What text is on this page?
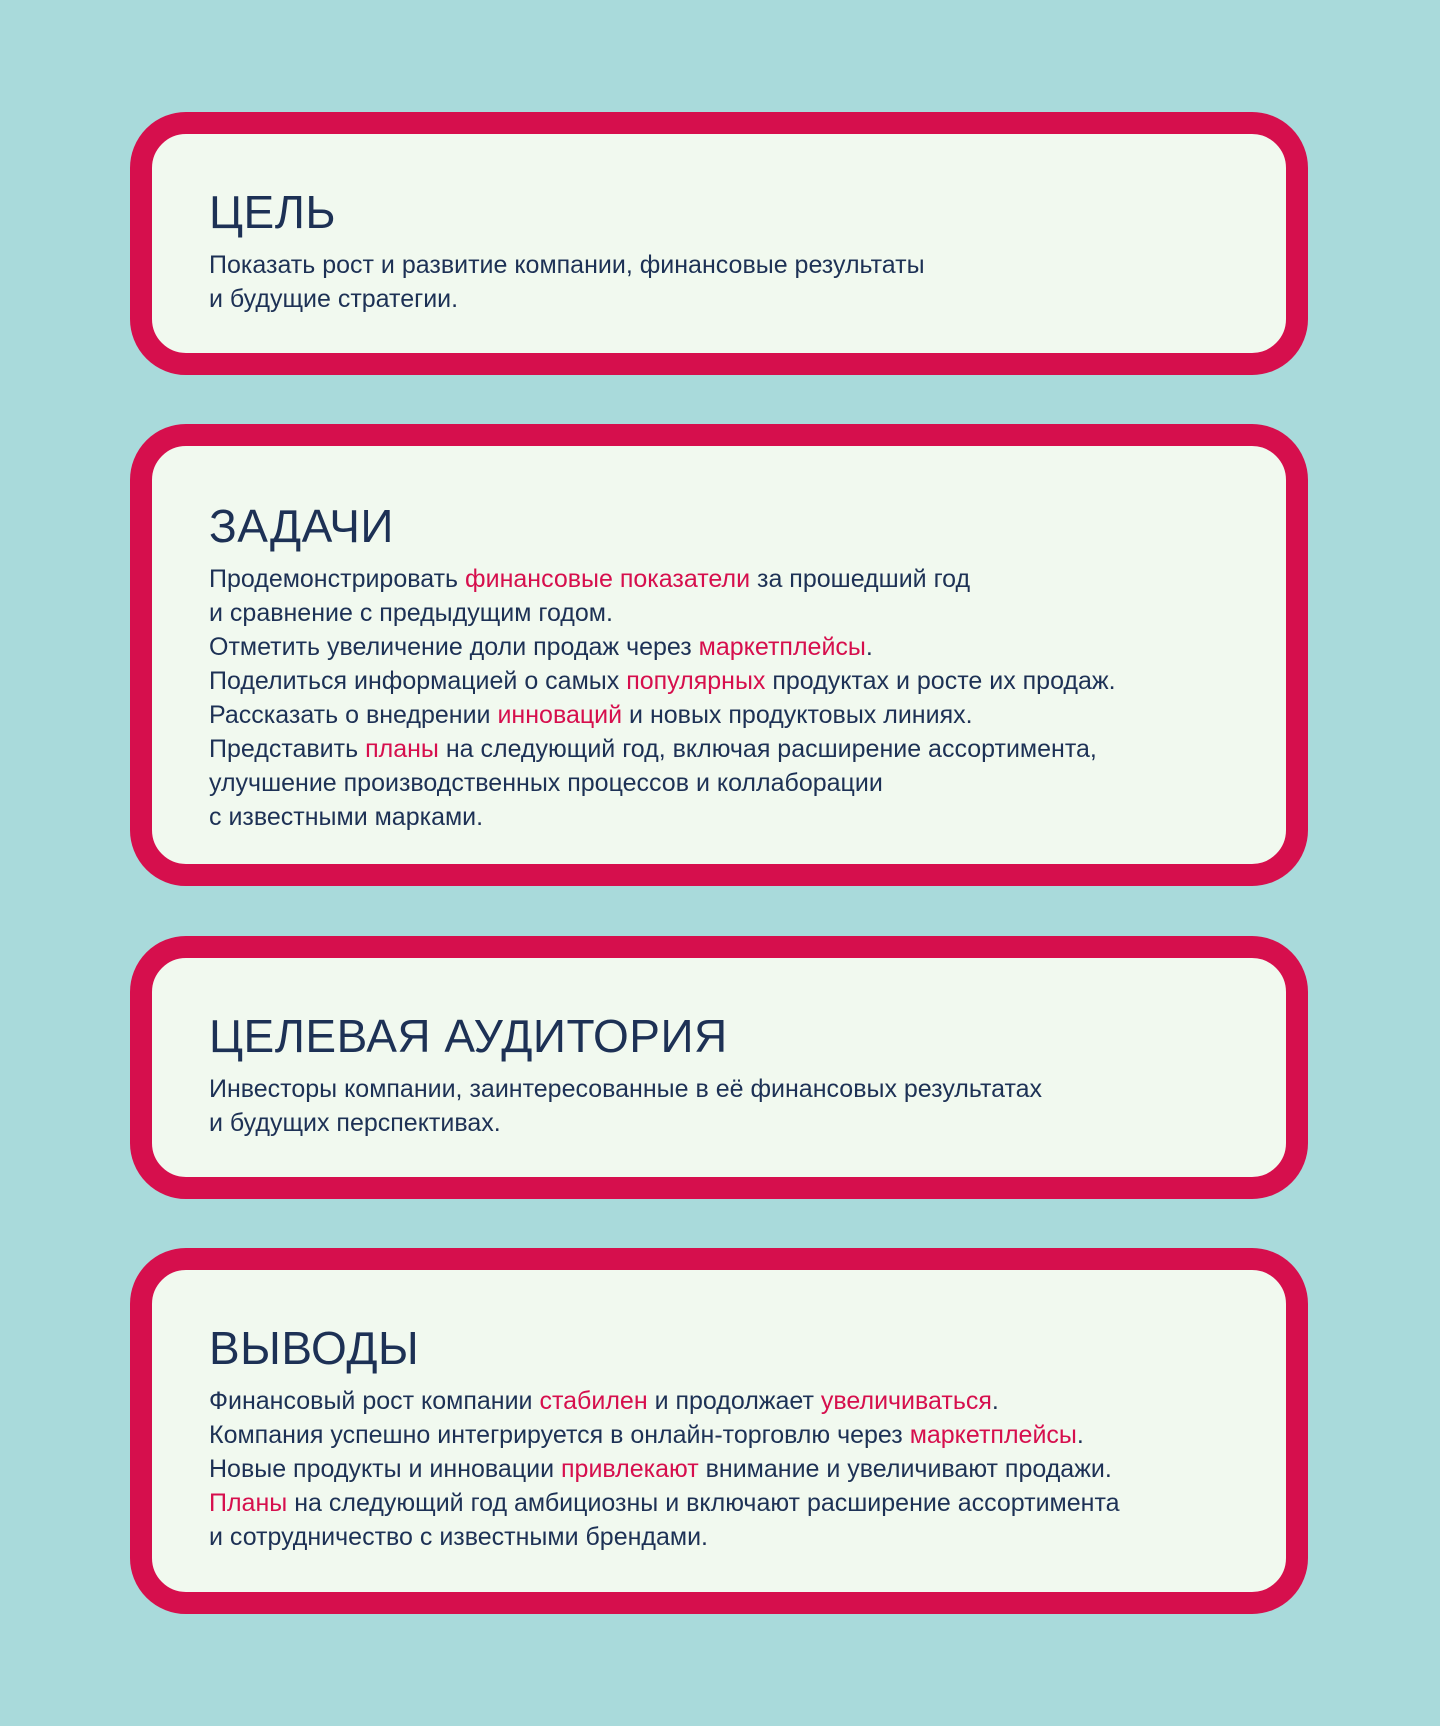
ЦЕЛЬ
Показать рост и развитие компании, финансовые результаты
и будущие стратегии.
ЗАДАЧИ
Продемонстрировать финансовые показатели за прошедший год
и сравнение с предыдущим годом.
Отметить увеличение доли продаж через маркетплейсы.
Поделиться информацией о самых популярных продуктах и росте их продаж.
Рассказать о внедрении инноваций и новых продуктовых линиях.
Представить планы на следующий год, включая расширение ассортимента,
улучшение производственных процессов и коллаборации
с известными марками.
ЦЕЛЕВАЯ АУДИТОРИЯ
Инвесторы компании, заинтересованные в её финансовых результатах
и будущих перспективах.
ВЫВОДЫ
Финансовый рост компании стабилен и продолжает увеличиваться.
Компания успешно интегрируется в онлайн-торговлю через маркетплейсы.
Новые продукты и инновации привлекают внимание и увеличивают продажи.
Планы на следующий год амбициозны и включают расширение ассортимента
и сотрудничество с известными брендами.
